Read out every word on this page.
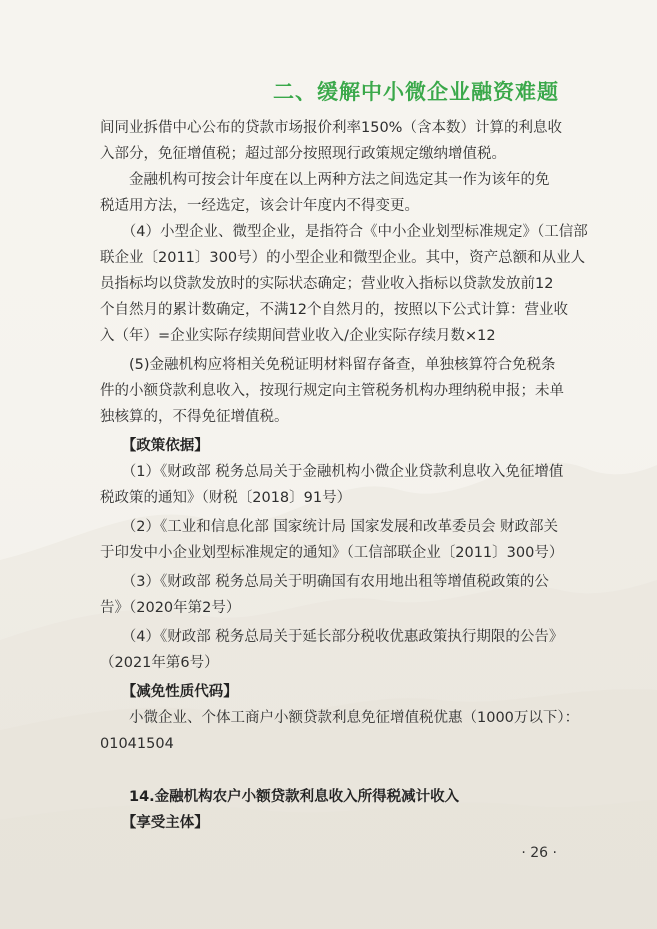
二、缓解中小微企业融资难题
间同业拆借中心公布的贷款市场报价利率150%（含本数）计算的利息收
入部分，免征增值税；超过部分按照现行政策规定缴纳增值税。
　　金融机构可按会计年度在以上两种方法之间选定其一作为该年的免
税适用方法，一经选定，该会计年度内不得变更。
　　（4）小型企业、微型企业，是指符合《中小企业划型标准规定》（工信部
联企业〔2011〕300号）的小型企业和微型企业。其中，资产总额和从业人
员指标均以贷款发放时的实际状态确定；营业收入指标以贷款发放前12
个自然月的累计数确定，不满12个自然月的，按照以下公式计算：营业收
入（年）=企业实际存续期间营业收入/企业实际存续月数×12
　　(5)金融机构应将相关免税证明材料留存备查，单独核算符合免税条
件的小额贷款利息收入，按现行规定向主管税务机构办理纳税申报；未单
独核算的，不得免征增值税。
　　【政策依据】
　　（1）《财政部 税务总局关于金融机构小微企业贷款利息收入免征增值
税政策的通知》（财税〔2018〕91号）
　　（2）《工业和信息化部 国家统计局 国家发展和改革委员会 财政部关
于印发中小企业划型标准规定的通知》（工信部联企业〔2011〕300号）
　　（3）《财政部 税务总局关于明确国有农用地出租等增值税政策的公
告》（2020年第2号）
　　（4）《财政部 税务总局关于延长部分税收优惠政策执行期限的公告》
（2021年第6号）
　　【减免性质代码】
　　小微企业、个体工商户小额贷款利息免征增值税优惠（1000万以下）：
01041504
　　14.金融机构农户小额贷款利息收入所得税减计收入
　　【享受主体】
· 26 ·
